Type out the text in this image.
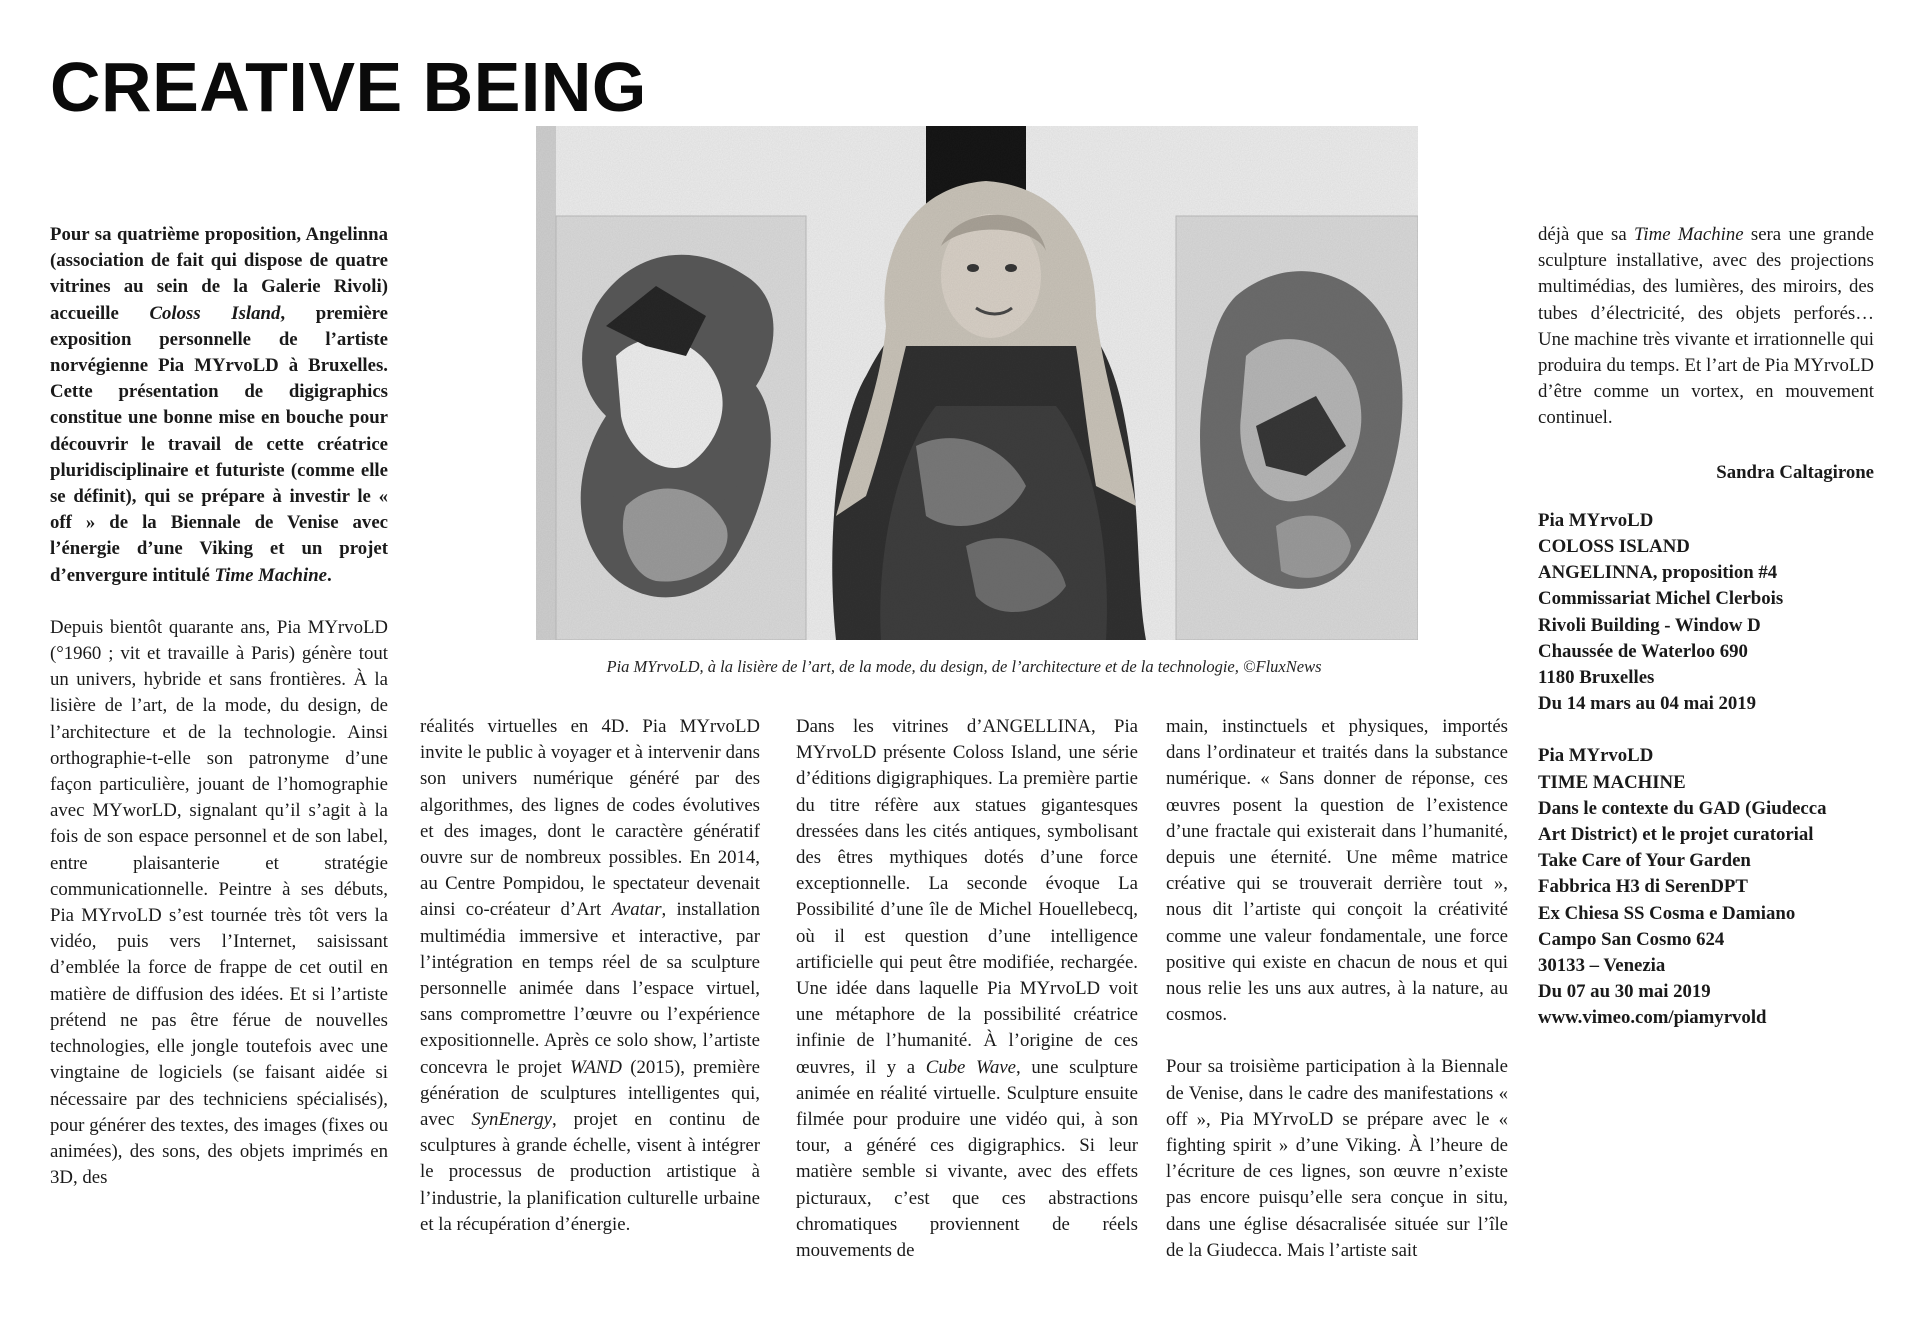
CREATIVE BEING
Pia MYrvoLD, à la lisière de l’art, de la mode, du design, de l’architecture et de la technologie, ©FluxNews

Pour sa quatrième proposition, Angelinna (association de fait qui dispose de quatre vitrines au sein de la Galerie Rivoli) accueille Coloss Island, première exposition personnelle de l’artiste norvégienne Pia MYrvoLD à Bruxelles. Cette présentation de digigraphics constitue une bonne mise en bouche pour découvrir le travail de cette créatrice pluridisciplinaire et futuriste (comme elle se définit), qui se prépare à investir le « off » de la Biennale de Venise avec l’énergie d’une Viking et un projet d’envergure intitulé Time Machine.

Depuis bientôt quarante ans, Pia MYrvoLD (°1960 ; vit et travaille à Paris) génère tout un univers, hybride et sans frontières. À la lisière de l’art, de la mode, du design, de l’architecture et de la technologie. Ainsi orthographie-t-elle son patronyme d’une façon particulière, jouant de l’homographie avec MYworLD, signalant qu’il s’agit à la fois de son espace personnel et de son label, entre plaisanterie et stratégie communicationnelle. Peintre à ses débuts, Pia MYrvoLD s’est tournée très tôt vers la vidéo, puis vers l’Internet, saisissant d’emblée la force de frappe de cet outil en matière de diffusion des idées. Et si l’artiste prétend ne pas être férue de nouvelles technologies, elle jongle toutefois avec une vingtaine de logiciels (se faisant aidée si nécessaire par des techniciens spécialisés), pour générer des textes, des images (fixes ou animées), des sons, des objets imprimés en 3D, des

réalités virtuelles en 4D. Pia MYrvoLD invite le public à voyager et à intervenir dans son univers numérique généré par des algorithmes, des lignes de codes évolutives et des images, dont le caractère génératif ouvre sur de nombreux possibles. En 2014, au Centre Pompidou, le spectateur devenait ainsi co-créateur d’Art Avatar, installation multimédia immersive et interactive, par l’intégration en temps réel de sa sculpture personnelle animée dans l’espace virtuel, sans compromettre l’œuvre ou l’expérience expositionnelle. Après ce solo show, l’artiste concevra le projet WAND (2015), première génération de sculptures intelligentes qui, avec SynEnergy, projet en continu de sculptures à grande échelle, visent à intégrer le processus de production artistique à l’industrie, la planification culturelle urbaine et la récupération d’énergie.

Dans les vitrines d’ANGELLINA, Pia MYrvoLD présente Coloss Island, une série d’éditions digigraphiques. La première partie du titre réfère aux statues gigantesques dressées dans les cités antiques, symbolisant des êtres mythiques dotés d’une force exceptionnelle. La seconde évoque La Possibilité d’une île de Michel Houellebecq, où il est question d’une intelligence artificielle qui peut être modifiée, rechargée. Une idée dans laquelle Pia MYrvoLD voit une métaphore de la possibilité créatrice infinie de l’humanité. À l’origine de ces œuvres, il y a Cube Wave, une sculpture animée en réalité virtuelle. Sculpture ensuite filmée pour produire une vidéo qui, à son tour, a généré ces digigraphics. Si leur matière semble si vivante, avec des effets picturaux, c’est que ces abstractions chromatiques proviennent de réels mouvements de

main, instinctuels et physiques, importés dans l’ordinateur et traités dans la substance numérique. « Sans donner de réponse, ces œuvres posent la question de l’existence d’une fractale qui existerait dans l’humanité, depuis une éternité. Une même matrice créative qui se trouverait derrière tout », nous dit l’artiste qui conçoit la créativité comme une valeur fondamentale, une force positive qui existe en chacun de nous et qui nous relie les uns aux autres, à la nature, au cosmos.

Pour sa troisième participation à la Biennale de Venise, dans le cadre des manifestations « off », Pia MYrvoLD se prépare avec le « fighting spirit » d’une Viking. À l’heure de l’écriture de ces lignes, son œuvre n’existe pas encore puisqu’elle sera conçue in situ, dans une église désacralisée située sur l’île de la Giudecca. Mais l’artiste sait

déjà que sa Time Machine sera une grande sculpture installative, avec des projections multimédias, des lumières, des miroirs, des tubes d’électricité, des objets perforés… Une machine très vivante et irrationnelle qui produira du temps. Et l’art de Pia MYrvoLD d’être comme un vortex, en mouvement continuel.

Sandra Caltagirone

Pia MYrvoLD
COLOSS ISLAND
ANGELINNA, proposition #4
Commissariat Michel Clerbois
Rivoli Building - Window D
Chaussée de Waterloo 690
1180 Bruxelles
Du 14 mars au 04 mai 2019
Pia MYrvoLD
TIME MACHINE
Dans le contexte du GAD (Giudecca
Art District) et le projet curatorial
Take Care of Your Garden
Fabbrica H3 di SerenDPT
Ex Chiesa SS Cosma e Damiano
Campo San Cosmo 624
30133 – Venezia
Du 07 au 30 mai 2019
www.vimeo.com/piamyrvold
